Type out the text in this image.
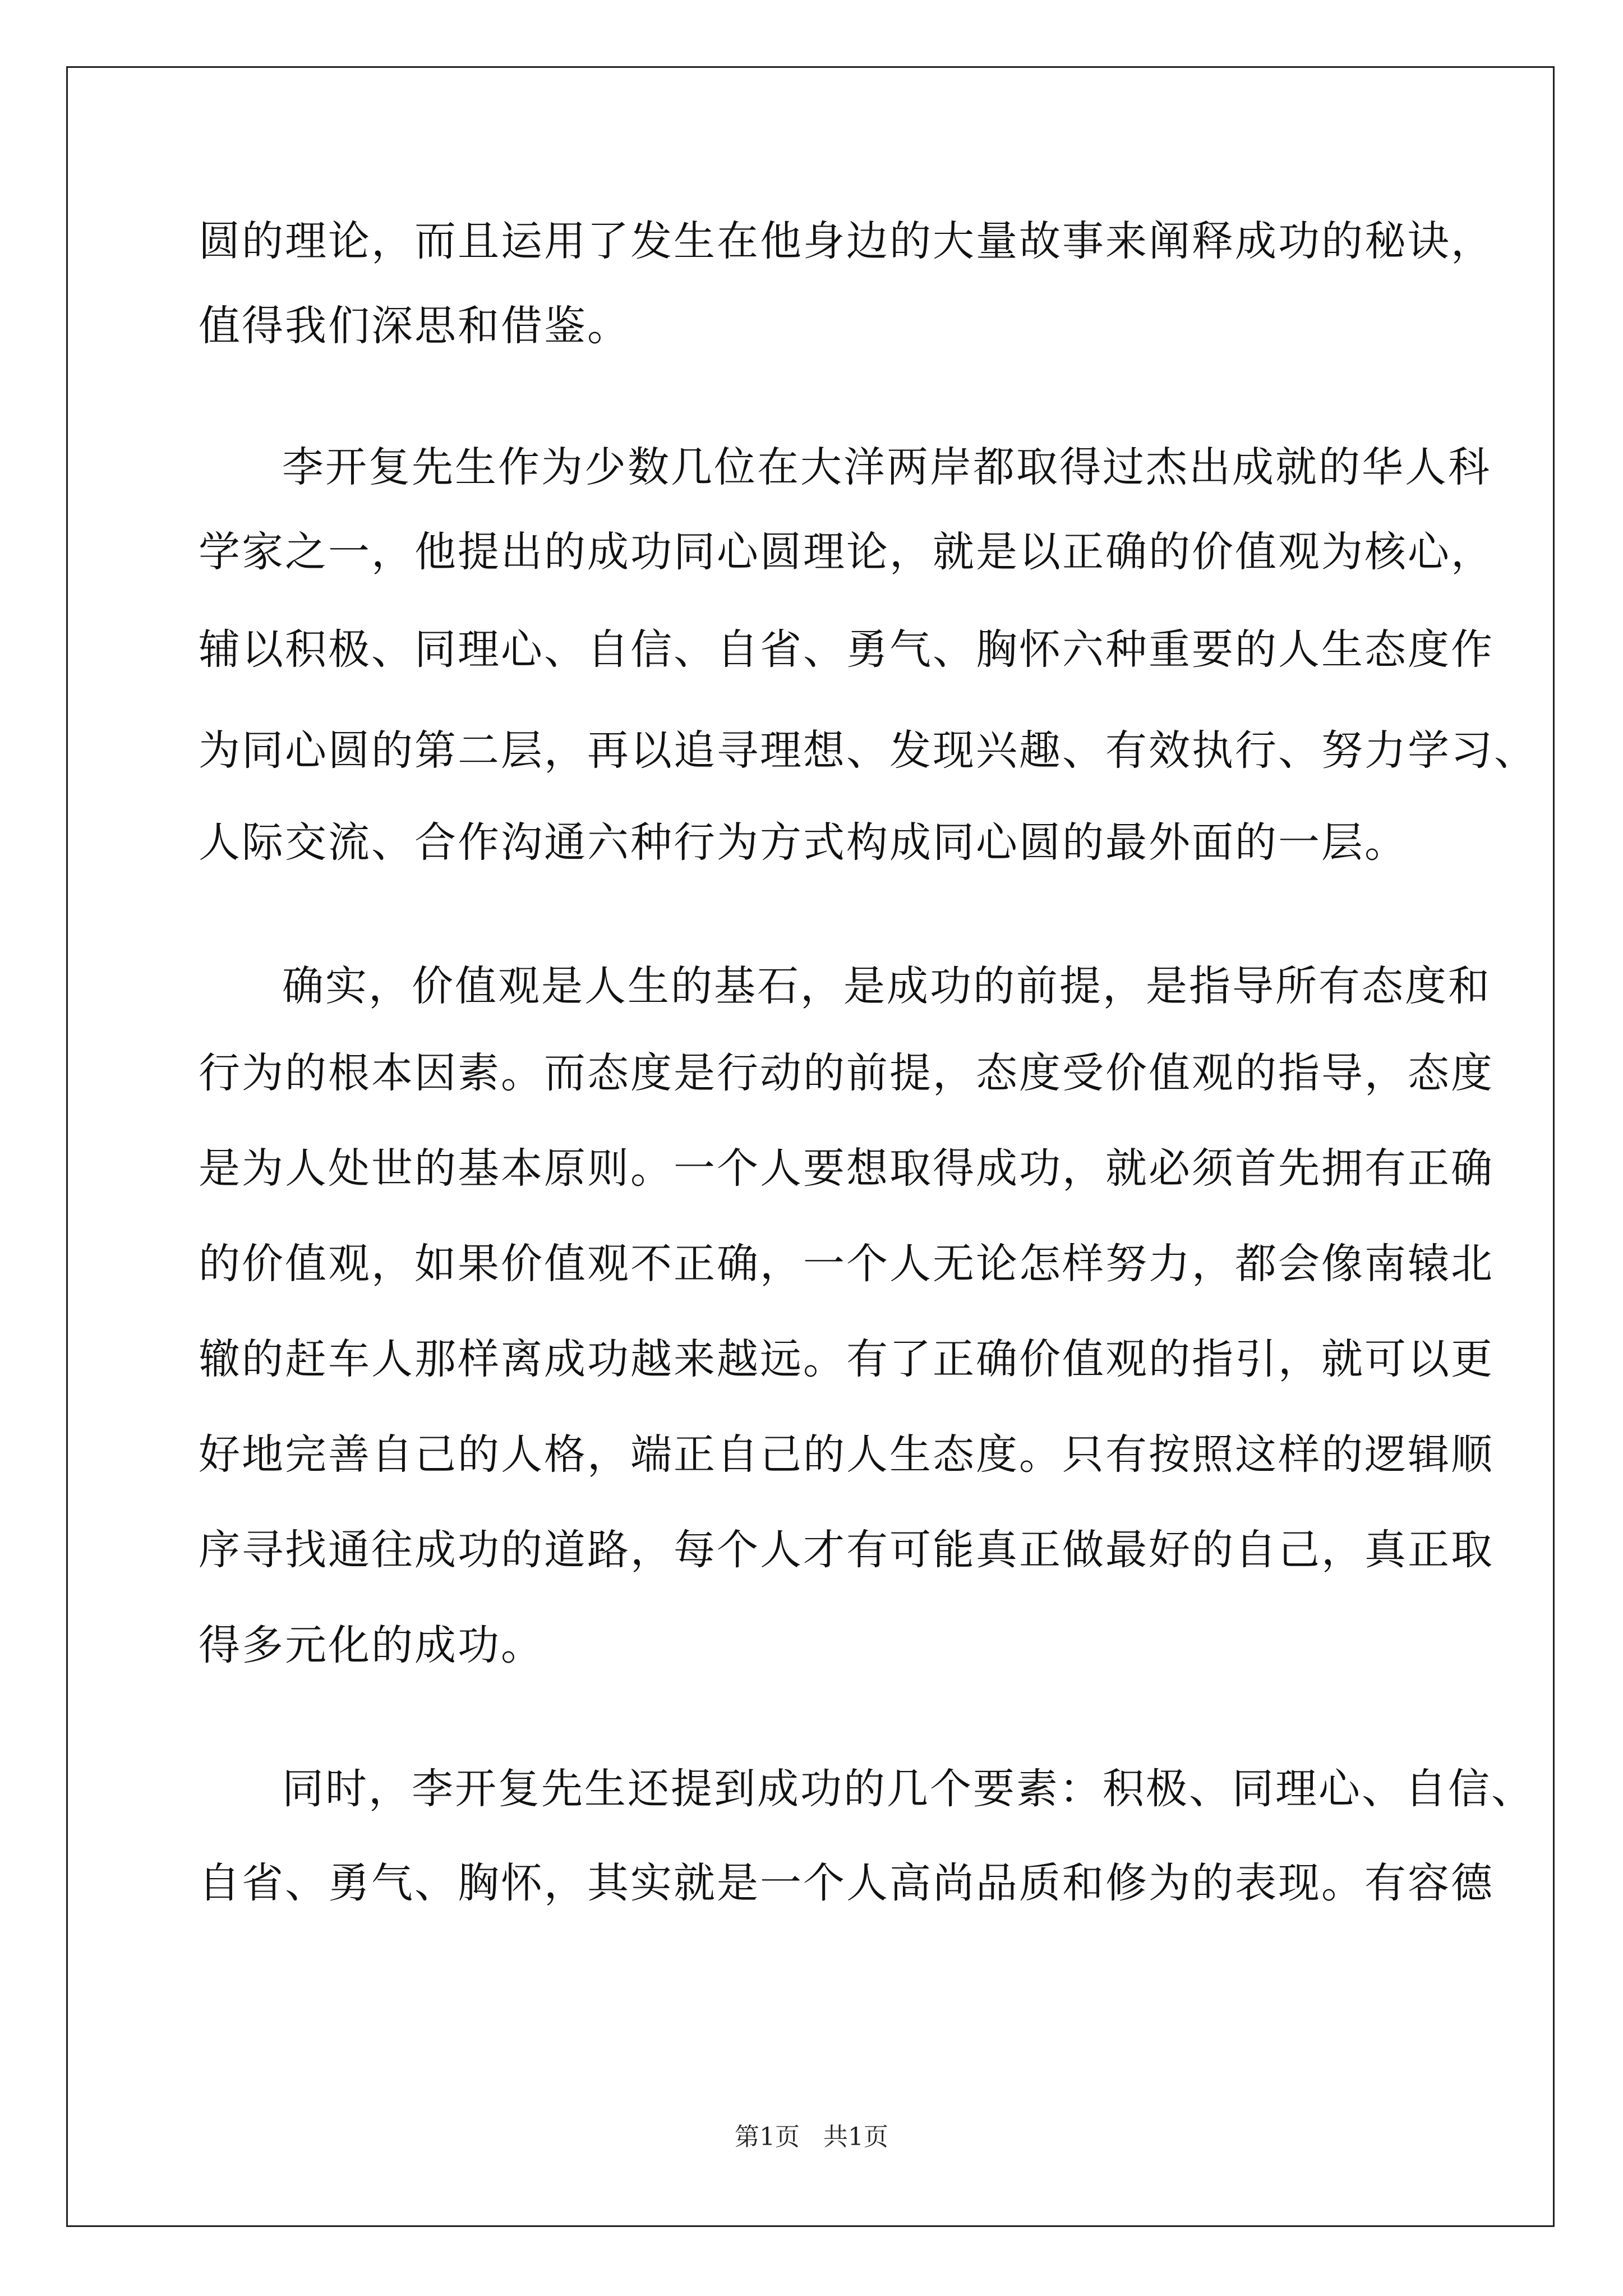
圆的理论，而且运用了发生在他身边的大量故事来阐释成功的秘诀，
值得我们深思和借鉴。
李开复先生作为少数几位在大洋两岸都取得过杰出成就的华人科
学家之一，他提出的成功同心圆理论，就是以正确的价值观为核心，
辅以积极、同理心、自信、自省、勇气、胸怀六种重要的人生态度作
为同心圆的第二层，再以追寻理想、发现兴趣、有效执行、努力学习、
人际交流、合作沟通六种行为方式构成同心圆的最外面的一层。
确实，价值观是人生的基石，是成功的前提，是指导所有态度和
行为的根本因素。而态度是行动的前提，态度受价值观的指导，态度
是为人处世的基本原则。一个人要想取得成功，就必须首先拥有正确
的价值观，如果价值观不正确，一个人无论怎样努力，都会像南辕北
辙的赶车人那样离成功越来越远。有了正确价值观的指引，就可以更
好地完善自己的人格，端正自己的人生态度。只有按照这样的逻辑顺
序寻找通往成功的道路，每个人才有可能真正做最好的自己，真正取
得多元化的成功。
同时，李开复先生还提到成功的几个要素：积极、同理心、自信、
自省、勇气、胸怀，其实就是一个人高尚品质和修为的表现。有容德
第1页 共1页
